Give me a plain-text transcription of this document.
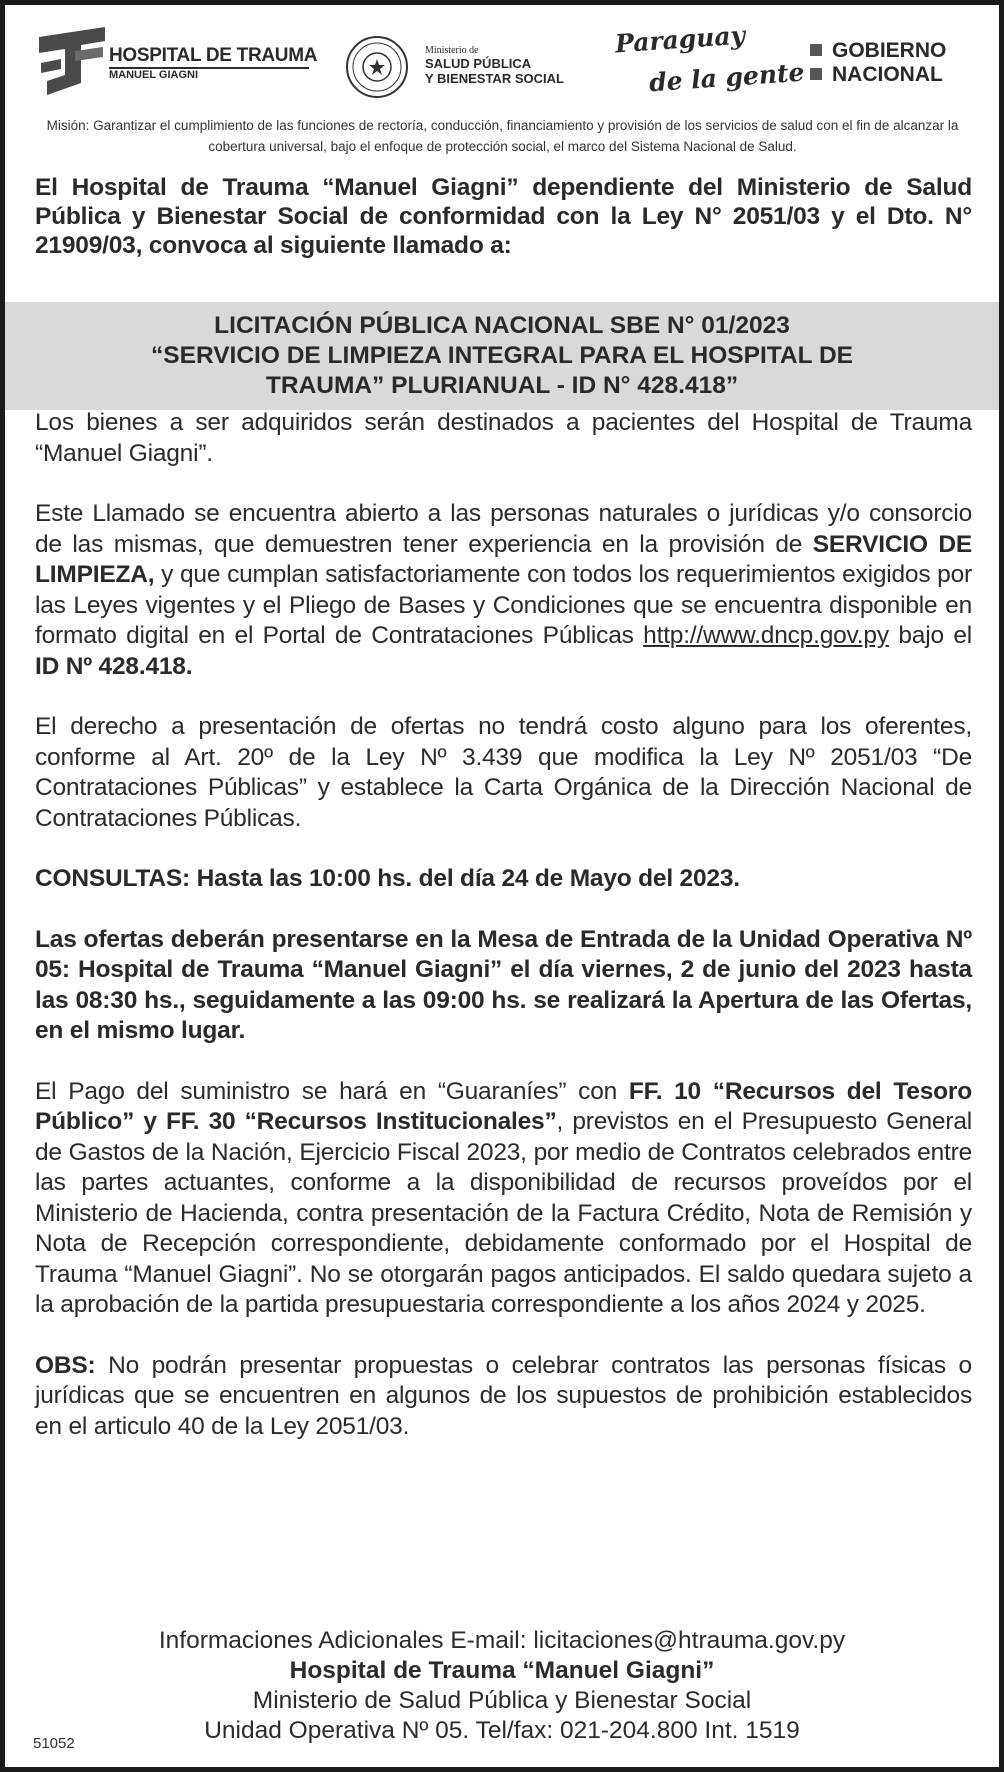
HOSPITAL DE TRAUMA
MANUEL GIAGNI
Ministerio de
SALUD PÚBLICA
Y BIENESTAR SOCIAL
Paraguay
de la gente
GOBIERNO
NACIONAL
Misión: Garantizar el cumplimiento de las funciones de rectoría, conducción, financiamiento y provisión de los servicios de salud con el fin de alcanzar la cobertura universal, bajo el enfoque de protección social, el marco del Sistema Nacional de Salud.
El Hospital de Trauma “Manuel Giagni” dependiente del Ministerio de Salud Pública y Bienestar Social de conformidad con la Ley N° 2051/03 y el Dto. N° 21909/03, convoca al siguiente llamado a:
LICITACIÓN PÚBLICA NACIONAL SBE N° 01/2023
“SERVICIO DE LIMPIEZA INTEGRAL PARA EL HOSPITAL DE
TRAUMA” PLURIANUAL - ID N° 428.418”

Los bienes a ser adquiridos serán destinados a pacientes del Hospital de Trauma “Manuel Giagni”.

Este Llamado se encuentra abierto a las personas naturales o jurídicas y/o consorcio de las mismas, que demuestren tener experiencia en la provisión de SERVICIO DE LIMPIEZA, y que cumplan satisfactoriamente con todos los requerimientos exigidos por las Leyes vigentes y el Pliego de Bases y Condiciones que se encuentra disponible en formato digital en el Portal de Contrataciones Públicas http://www.dncp.gov.py bajo el ID Nº 428.418.

El derecho a presentación de ofertas no tendrá costo alguno para los oferentes, conforme al Art. 20º de la Ley Nº 3.439 que modifica la Ley Nº 2051/03 “De Contrataciones Públicas” y establece la Carta Orgánica de la Dirección Nacional de Contrataciones Públicas.

CONSULTAS: Hasta las 10:00 hs. del día 24 de Mayo del 2023.

Las ofertas deberán presentarse en la Mesa de Entrada de la Unidad Operativa Nº 05: Hospital de Trauma “Manuel Giagni” el día viernes, 2 de junio del 2023 hasta las 08:30 hs., seguidamente a las 09:00 hs. se realizará la Apertura de las Ofertas, en el mismo lugar.

El Pago del suministro se hará en “Guaraníes” con FF. 10 “Recursos del Tesoro Público” y FF. 30 “Recursos Institucionales”, previstos en el Presupuesto General de Gastos de la Nación, Ejercicio Fiscal 2023, por medio de Contratos celebrados entre las partes actuantes, conforme a la disponibilidad de recursos proveídos por el Ministerio de Hacienda, contra presentación de la Factura Crédito, Nota de Remisión y Nota de Recepción correspondiente, debidamente conformado por el Hospital de Trauma “Manuel Giagni”. No se otorgarán pagos anticipados. El saldo quedara sujeto a la aprobación de la partida presupuestaria correspondiente a los años 2024 y 2025.

OBS: No podrán presentar propuestas o celebrar contratos las personas físicas o jurídicas que se encuentren en algunos de los supuestos de prohibición establecidos en el articulo 40 de la Ley 2051/03.

Informaciones Adicionales E-mail: licitaciones@htrauma.gov.py
Hospital de Trauma “Manuel Giagni”
Ministerio de Salud Pública y Bienestar Social
Unidad Operativa Nº 05. Tel/fax: 021-204.800 Int. 1519
51052
